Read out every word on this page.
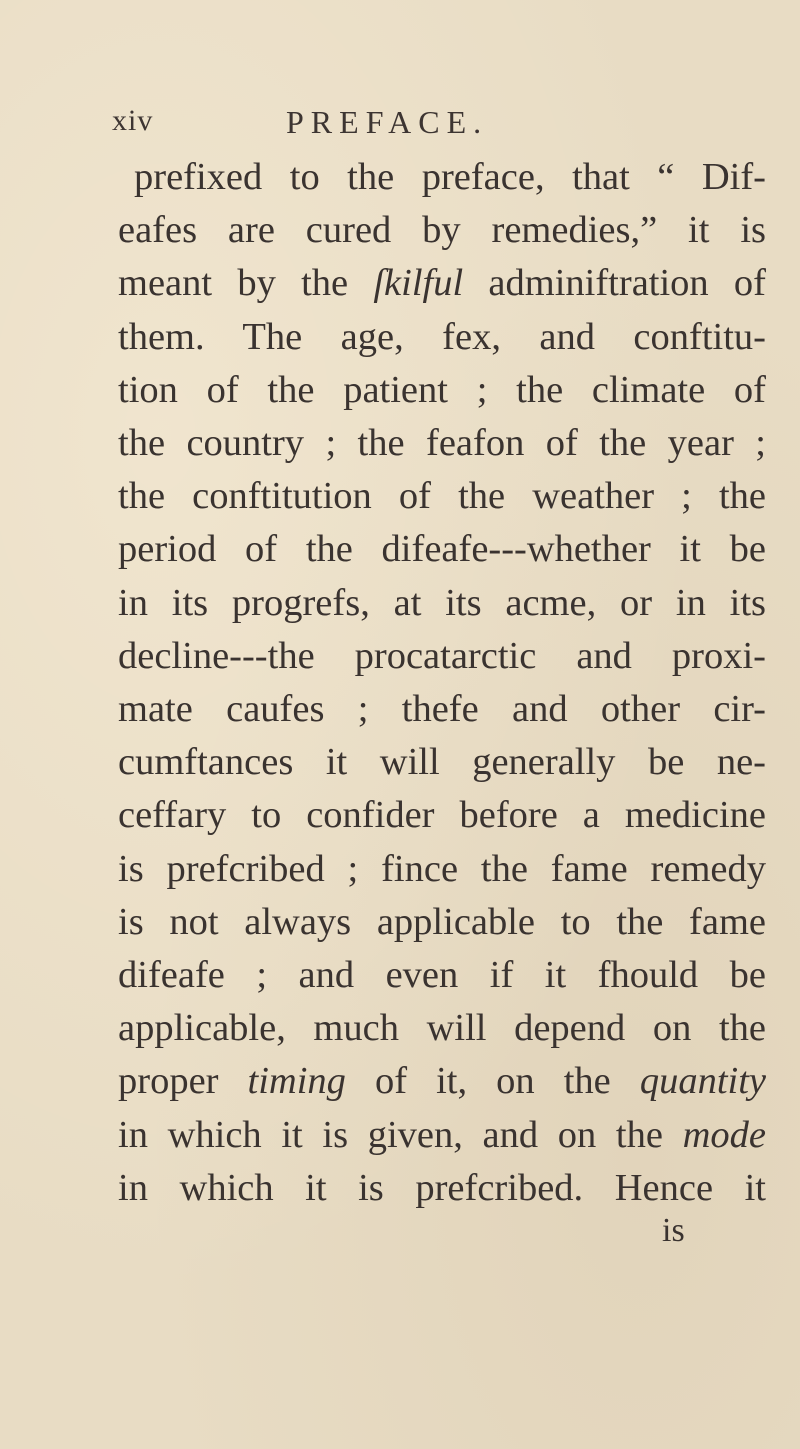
xiv	PREFACE.
prefixed to the preface, that “ Dif-
eafes are cured by remedies,” it is
meant by the ſkilful adminiftration of
them. The age, fex, and conftitu-
tion of the patient ; the climate of
the country ; the feafon of the year ;
the conftitution of the weather ; the
period of the difeafe---whether it be
in its progrefs, at its acme, or in its
decline---the procatarctic and proxi-
mate caufes ; thefe and other cir-
cumftances it will generally be ne-
ceffary to confider before a medicine
is prefcribed ; fince the fame remedy
is not always applicable to the fame
difeafe ; and even if it fhould be
applicable, much will depend on the
proper timing of it, on the quantity
in which it is given, and on the mode
in which it is prefcribed. Hence it
is
